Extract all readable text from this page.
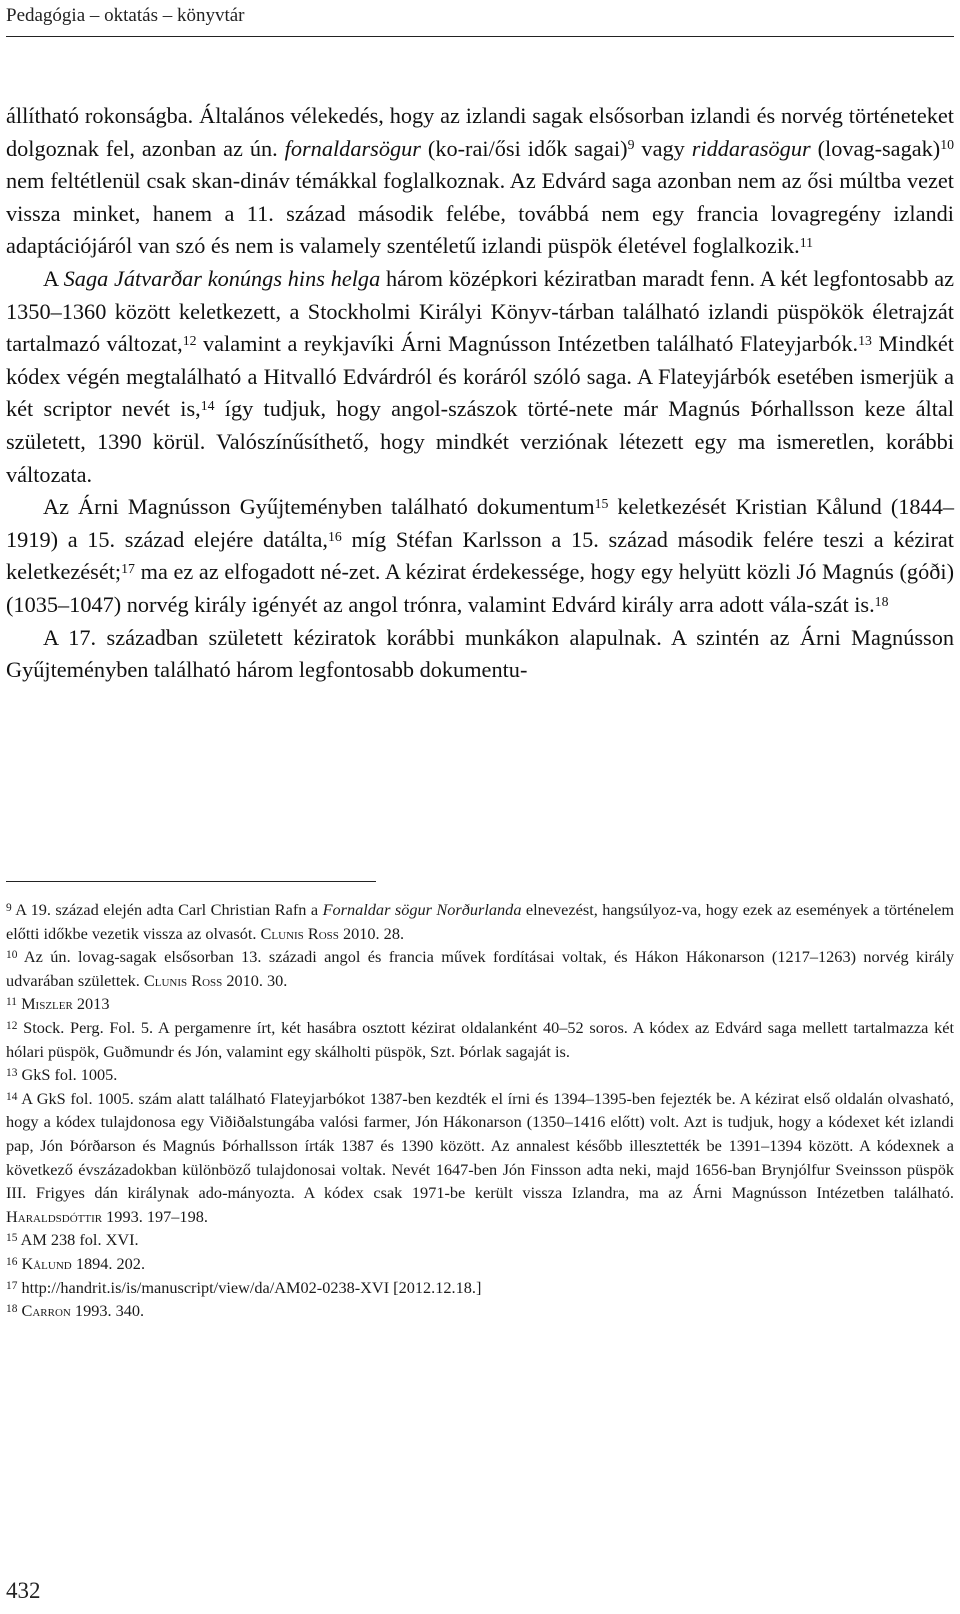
Pedagógia – oktatás – könyvtár

állítható rokonságba. Általános vélekedés, hogy az izlandi sagak elsősorban izlandi és norvég történeteket dolgoznak fel, azonban az ún. fornaldarsögur (ko-rai/ősi idők sagai)$^9$ vagy riddarasögur (lovag-sagak)$^{10}$ nem feltétlenül csak skan-dináv témákkal foglalkoznak. Az Edvárd saga azonban nem az ősi múltba vezet vissza minket, hanem a 11. század második felébe, továbbá nem egy francia lovagregény izlandi adaptációjáról van szó és nem is valamely szentéletű izlandi püspök életével foglalkozik.$^{11}$

A Saga Játvarðar konúngs hins helga három középkori kéziratban maradt fenn. A két legfontosabb az 1350–1360 között keletkezett, a Stockholmi Királyi Könyv-tárban található izlandi püspökök életrajzát tartalmazó változat,$^{12}$ valamint a reykjavíki Árni Magnússon Intézetben található Flateyjarbók.$^{13}$ Mindkét kódex végén megtalálható a Hitvalló Edvárdról és koráról szóló saga. A Flateyjárbók esetében ismerjük a két scriptor nevét is,$^{14}$ így tudjuk, hogy angol-szászok törté-nete már Magnús Þórhallsson keze által született, 1390 körül. Valószínűsíthető, hogy mindkét verziónak létezett egy ma ismeretlen, korábbi változata.

Az Árni Magnússon Gyűjteményben található dokumentum$^{15}$ keletkezését Kristian Kålund (1844–1919) a 15. század elejére datálta,$^{16}$ míg Stéfan Karlsson a 15. század második felére teszi a kézirat keletkezését;$^{17}$ ma ez az elfogadott né-zet. A kézirat érdekessége, hogy egy helyütt közli Jó Magnús (góði) (1035–1047) norvég király igényét az angol trónra, valamint Edvárd király arra adott vála-szát is.$^{18}$

A 17. században született kéziratok korábbi munkákon alapulnak. A szintén az Árni Magnússon Gyűjteményben található három legfontosabb dokumentu-

$^9$ A 19. század elején adta Carl Christian Rafn a Fornaldar sögur Norðurlanda elnevezést, hangsúlyoz-va, hogy ezek az események a történelem előtti időkbe vezetik vissza az olvasót. Clunis Ross 2010. 28.
$^{10}$ Az ún. lovag-sagak elsősorban 13. századi angol és francia művek fordításai voltak, és Hákon Hákonarson (1217–1263) norvég király udvarában születtek. Clunis Ross 2010. 30.
$^{11}$ Miszler 2013
$^{12}$ Stock. Perg. Fol. 5. A pergamenre írt, két hasábra osztott kézirat oldalanként 40–52 soros. A kódex az Edvárd saga mellett tartalmazza két hólari püspök, Guðmundr és Jón, valamint egy skálholti püspök, Szt. Þórlak sagaját is.
$^{13}$ GkS fol. 1005.
$^{14}$ A GkS fol. 1005. szám alatt található Flateyjarbókot 1387-ben kezdték el írni és 1394–1395-ben fejezték be. A kézirat első oldalán olvasható, hogy a kódex tulajdonosa egy Viðiðalstungába valósi farmer, Jón Hákonarson (1350–1416 előtt) volt. Azt is tudjuk, hogy a kódexet két izlandi pap, Jón Þórðarson és Magnús Þórhallsson írták 1387 és 1390 között. Az annalest később illesztették be 1391–1394 között. A kódexnek a következő évszázadokban különböző tulajdonosai voltak. Nevét 1647-ben Jón Finsson adta neki, majd 1656-ban Brynjólfur Sveinsson püspök III. Frigyes dán királynak ado-mányozta. A kódex csak 1971-be került vissza Izlandra, ma az Árni Magnússon Intézetben található. Haraldsdóttir 1993. 197–198.
$^{15}$ AM 238 fol. XVI.
$^{16}$ Kålund 1894. 202.
$^{17}$ http://handrit.is/is/manuscript/view/da/AM02-0238-XVI [2012.12.18.]
$^{18}$ Carron 1993. 340.
432
